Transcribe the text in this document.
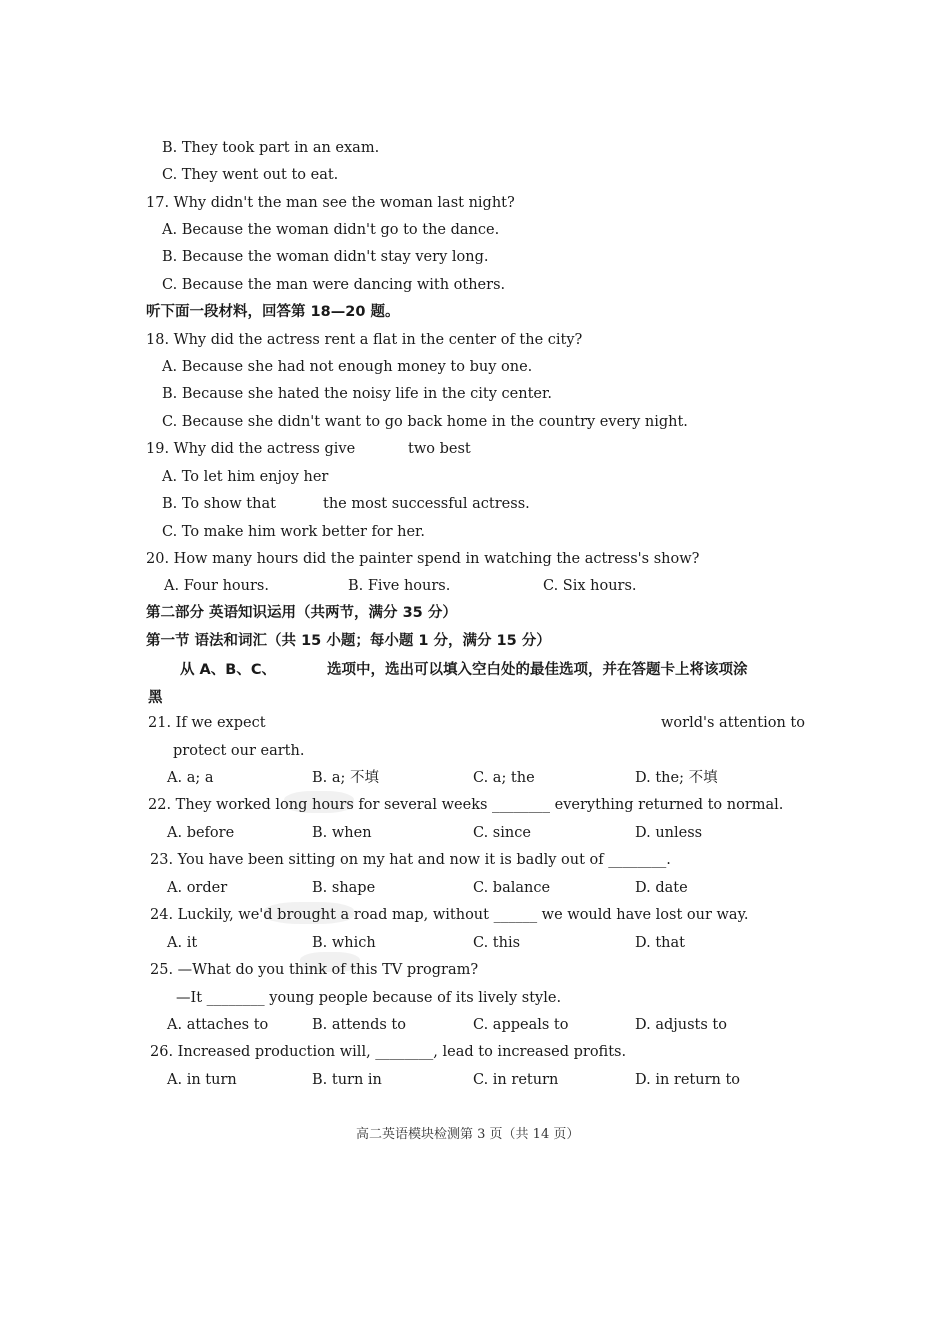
B. They took part in an exam.
C. They went out to eat.
17. Why didn't the man see the woman last night?
A. Because the woman didn't go to the dance.
B. Because the woman didn't stay very long.
C. Because the man were dancing with others.
听下面一段材料，回答第 18—20 题。
18. Why did the actress rent a flat in the center of the city?
A. Because she had not enough money to buy one.
B. Because she hated the noisy life in the city center.
C. Because she didn't want to go back home in the country every night.
19. Why did the actress give	two best
A. To let him enjoy her
B. To show that	the most successful actress.
C. To make him work better for her.
20. How many hours did the painter spend in watching the actress's show?
A. Four hours.	B. Five hours.	C. Six hours.
第二部分 英语知识运用（共两节，满分 35 分）
第一节 语法和词汇（共 15 小题；每小题 1 分，满分 15 分）
从 A、B、C、	选项中，选出可以填入空白处的最佳选项，并在答题卡上将该项涂
黑
21. If we expect	world's attention to
protect our earth.
A. a; a	B. a; 不填	C. a; the	D. the; 不填
22. They worked long hours for several weeks ________ everything returned to normal.
A. before	B. when	C. since	D. unless
23. You have been sitting on my hat and now it is badly out of ________.
A. order	B. shape	C. balance	D. date
24. Luckily, we'd brought a road map, without ______ we would have lost our way.
A. it	B. which	C. this	D. that
25. —What do you think of this TV program?
—It ________ young people because of its lively style.
A. attaches to	B. attends to	C. appeals to	D. adjusts to
26. Increased production will, ________, lead to increased profits.
A. in turn	B. turn in	C. in return	D. in return to
高二英语模块检测第 3 页（共 14 页）
